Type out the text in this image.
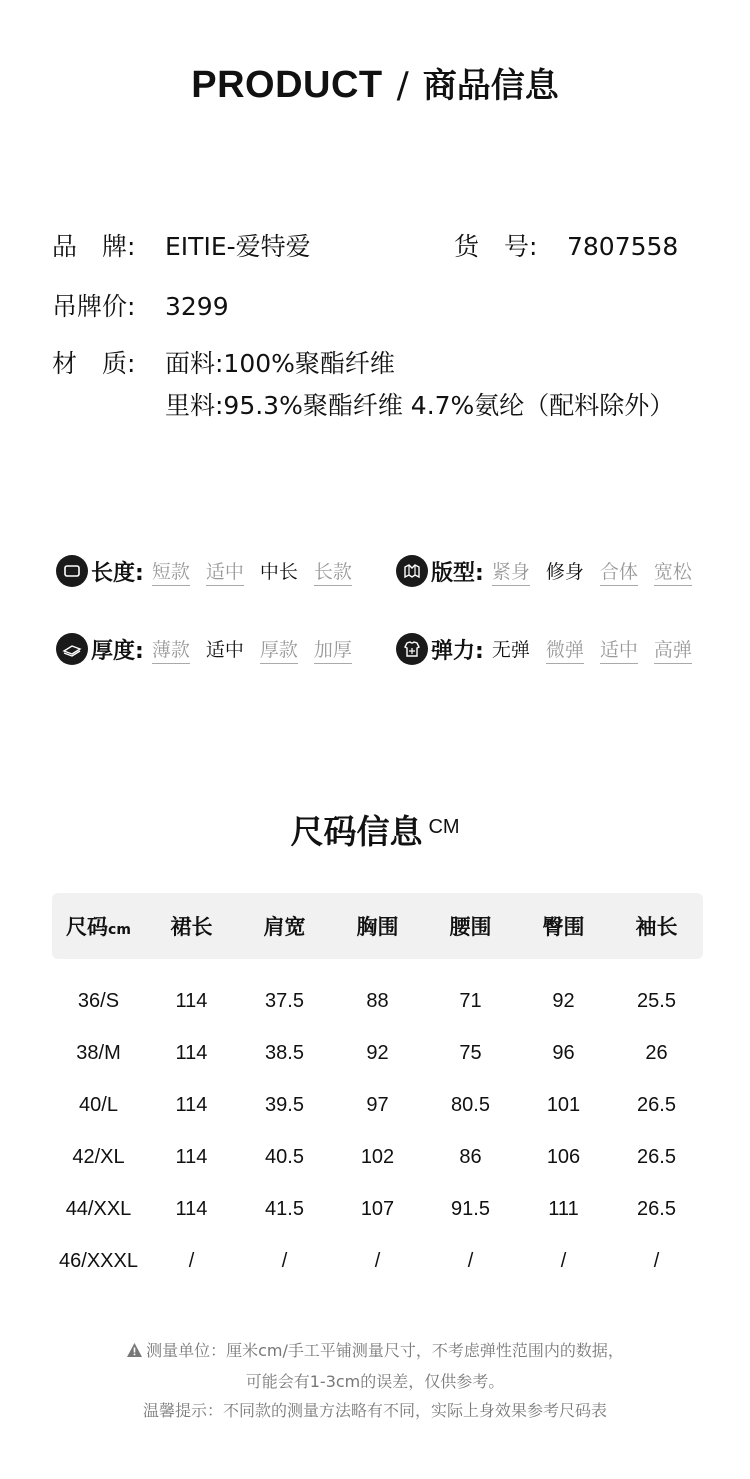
PRODUCT / 商品信息
品　牌: EITIE-爱特爱	货　号: 7807558
吊牌价: 3299
材　质: 面料:100%聚酯纤维
里料:95.3%聚酯纤维 4.7%氨纶（配料除外）
长度: 短款 适中 中长 长款	版型: 紧身 修身 合体 宽松
厚度: 薄款 适中 厚款 加厚	弹力: 无弹 微弹 适中 高弹
尺码信息 CM
尺码cm	裙长	肩宽	胸围	腰围	臀围	袖长
36/S	114	37.5	88	71	92	25.5
38/M	114	38.5	92	75	96	26
40/L	114	39.5	97	80.5	101	26.5
42/XL	114	40.5	102	86	106	26.5
44/XXL	114	41.5	107	91.5	111	26.5
46/XXXL	/	/	/	/	/	/
测量单位：厘米cm/手工平铺测量尺寸，不考虑弹性范围内的数据，
可能会有1-3cm的误差，仅供参考。
温馨提示：不同款的测量方法略有不同，实际上身效果参考尺码表
